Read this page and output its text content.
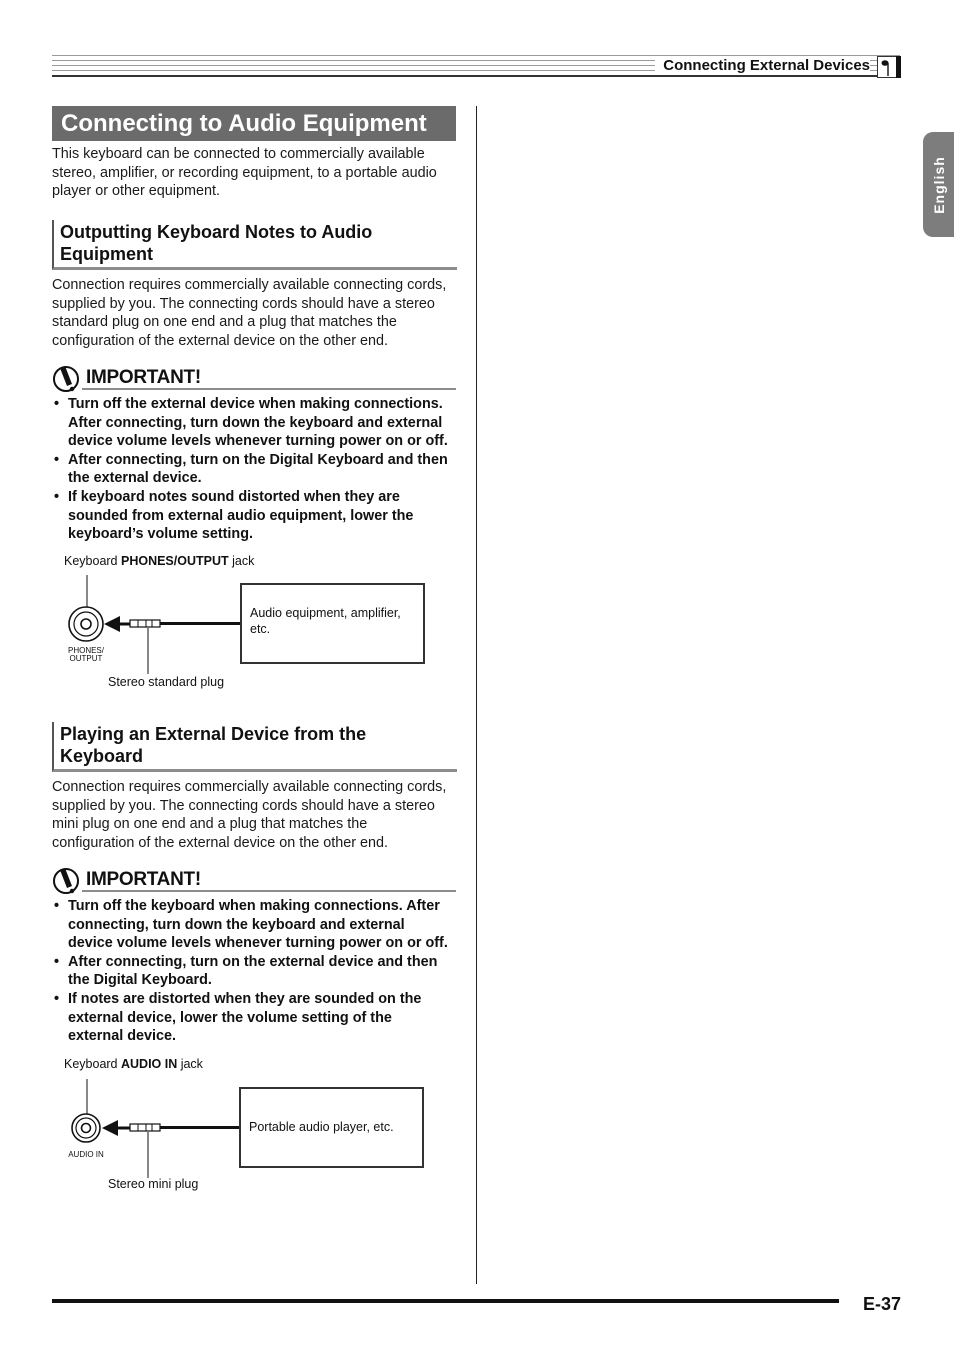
Connecting External Devices
English
Connecting to Audio Equipment
This keyboard can be connected to commercially available
stereo, amplifier, or recording equipment, to a portable audio
player or other equipment.
Outputting Keyboard Notes to Audio
Equipment
Connection requires commercially available connecting cords,
supplied by you. The connecting cords should have a stereo
standard plug on one end and a plug that matches the
configuration of the external device on the other end.
IMPORTANT!
• Turn off the external device when making connections.
After connecting, turn down the keyboard and external
device volume levels whenever turning power on or off.
• After connecting, turn on the Digital Keyboard and then
the external device.
• If keyboard notes sound distorted when they are
sounded from external audio equipment, lower the
keyboard’s volume setting.
Keyboard PHONES/OUTPUT jack
PHONES/
OUTPUT
Audio equipment, amplifier,
etc.
Stereo standard plug
Playing an External Device from the
Keyboard
Connection requires commercially available connecting cords,
supplied by you. The connecting cords should have a stereo
mini plug on one end and a plug that matches the
configuration of the external device on the other end.
IMPORTANT!
• Turn off the keyboard when making connections. After
connecting, turn down the keyboard and external
device volume levels whenever turning power on or off.
• After connecting, turn on the external device and then
the Digital Keyboard.
• If notes are distorted when they are sounded on the
external device, lower the volume setting of the
external device.
Keyboard AUDIO IN jack
AUDIO IN
Portable audio player, etc.
Stereo mini plug
E-37
